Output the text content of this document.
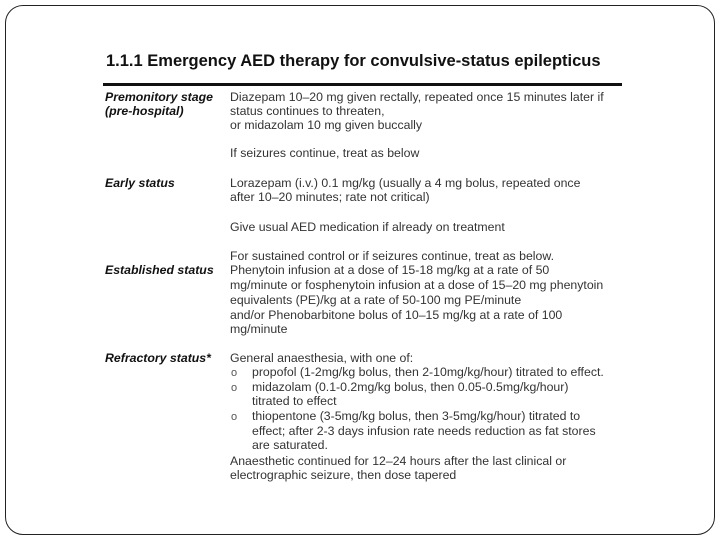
1.1.1 Emergency AED therapy for convulsive-status epilepticus
Premonitory stage
(pre-hospital)
Diazepam 10–20 mg given rectally, repeated once 15 minutes later if
status continues to threaten,
or midazolam 10 mg given buccally
If seizures continue, treat as below
Early status	Lorazepam (i.v.) 0.1 mg/kg (usually a 4 mg bolus, repeated once
after 10–20 minutes; rate not critical)
Give usual AED medication if already on treatment
For sustained control or if seizures continue, treat as below.
Established status Phenytoin infusion at a dose of 15-18 mg/kg at a rate of 50
mg/minute or fosphenytoin infusion at a dose of 15–20 mg phenytoin
equivalents (PE)/kg at a rate of 50-100 mg PE/minute
and/or Phenobarbitone bolus of 10–15 mg/kg at a rate of 100
mg/minute
Refractory status* General anaesthesia, with one of:
o propofol (1-2mg/kg bolus, then 2-10mg/kg/hour) titrated to effect.
o midazolam (0.1-0.2mg/kg bolus, then 0.05-0.5mg/kg/hour)
titrated to effect
o thiopentone (3-5mg/kg bolus, then 3-5mg/kg/hour) titrated to
effect; after 2-3 days infusion rate needs reduction as fat stores
are saturated.
Anaesthetic continued for 12–24 hours after the last clinical or
electrographic seizure, then dose tapered
